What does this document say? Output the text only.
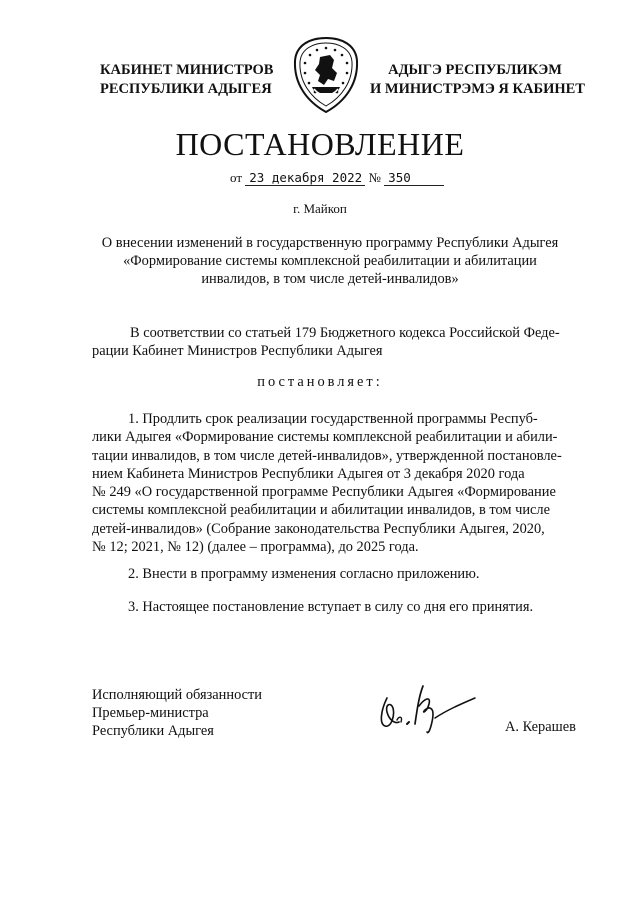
КАБИНЕТ МИНИСТРОВ
РЕСПУБЛИКИ АДЫГЕЯ
АДЫГЭ РЕСПУБЛИКЭМ
И МИНИСТРЭМЭ Я КАБИНЕТ
ПОСТАНОВЛЕНИЕ
от 23 декабря 2022 № 350
г. Майкоп
О внесении изменений в государственную программу Республики Адыгея
«Формирование системы комплексной реабилитации и абилитации
инвалидов, в том числе детей-инвалидов»
В соответствии со статьей 179 Бюджетного кодекса Российской Феде-
рации Кабинет Министров Республики Адыгея
постановляет:
1. Продлить срок реализации государственной программы Респуб-
лики Адыгея «Формирование системы комплексной реабилитации и абили-
тации инвалидов, в том числе детей-инвалидов», утвержденной постановле-
нием Кабинета Министров Республики Адыгея от 3 декабря 2020 года
№ 249 «О государственной программе Республики Адыгея «Формирование
системы комплексной реабилитации и абилитации инвалидов, в том числе
детей-инвалидов» (Собрание законодательства Республики Адыгея, 2020,
№ 12; 2021, № 12) (далее – программа), до 2025 года.
2. Внести в программу изменения согласно приложению.
3. Настоящее постановление вступает в силу со дня его принятия.
Исполняющий обязанности
Премьер-министра
Республики Адыгея	А. Керашев
